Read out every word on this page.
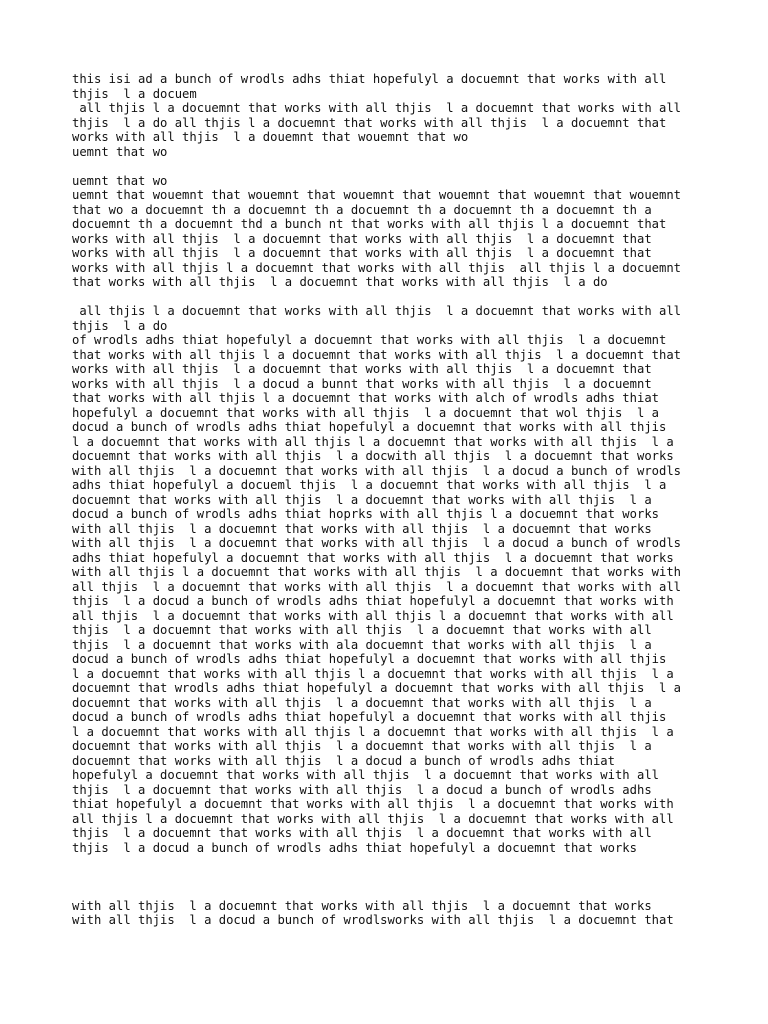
this isi ad a bunch of wrodls adhs thiat hopefulyl a docuemnt that works with all
thjis  l a docuem
all thjis l a docuemnt that works with all thjis  l a docuemnt that works with all
thjis  l a do all thjis l a docuemnt that works with all thjis  l a docuemnt that
works with all thjis  l a douemnt that wouemnt that wo
uemnt that wo
uemnt that wo
uemnt that wouemnt that wouemnt that wouemnt that wouemnt that wouemnt that wouemnt
that wo a docuemnt th a docuemnt th a docuemnt th a docuemnt th a docuemnt th a
docuemnt th a docuemnt thd a bunch nt that works with all thjis l a docuemnt that
works with all thjis  l a docuemnt that works with all thjis  l a docuemnt that
works with all thjis  l a docuemnt that works with all thjis  l a docuemnt that
works with all thjis l a docuemnt that works with all thjis  all thjis l a docuemnt
that works with all thjis  l a docuemnt that works with all thjis  l a do
all thjis l a docuemnt that works with all thjis  l a docuemnt that works with all
thjis  l a do
of wrodls adhs thiat hopefulyl a docuemnt that works with all thjis  l a docuemnt
that works with all thjis l a docuemnt that works with all thjis  l a docuemnt that
works with all thjis  l a docuemnt that works with all thjis  l a docuemnt that
works with all thjis  l a docud a bunnt that works with all thjis  l a docuemnt
that works with all thjis l a docuemnt that works with alch of wrodls adhs thiat
hopefulyl a docuemnt that works with all thjis  l a docuemnt that wol thjis  l a
docud a bunch of wrodls adhs thiat hopefulyl a docuemnt that works with all thjis
l a docuemnt that works with all thjis l a docuemnt that works with all thjis  l a
docuemnt that works with all thjis  l a docwith all thjis  l a docuemnt that works
with all thjis  l a docuemnt that works with all thjis  l a docud a bunch of wrodls
adhs thiat hopefulyl a docueml thjis  l a docuemnt that works with all thjis  l a
docuemnt that works with all thjis  l a docuemnt that works with all thjis  l a
docud a bunch of wrodls adhs thiat hoprks with all thjis l a docuemnt that works
with all thjis  l a docuemnt that works with all thjis  l a docuemnt that works
with all thjis  l a docuemnt that works with all thjis  l a docud a bunch of wrodls
adhs thiat hopefulyl a docuemnt that works with all thjis  l a docuemnt that works
with all thjis l a docuemnt that works with all thjis  l a docuemnt that works with
all thjis  l a docuemnt that works with all thjis  l a docuemnt that works with all
thjis  l a docud a bunch of wrodls adhs thiat hopefulyl a docuemnt that works with
all thjis  l a docuemnt that works with all thjis l a docuemnt that works with all
thjis  l a docuemnt that works with all thjis  l a docuemnt that works with all
thjis  l a docuemnt that works with ala docuemnt that works with all thjis  l a
docud a bunch of wrodls adhs thiat hopefulyl a docuemnt that works with all thjis
l a docuemnt that works with all thjis l a docuemnt that works with all thjis  l a
docuemnt that wrodls adhs thiat hopefulyl a docuemnt that works with all thjis  l a
docuemnt that works with all thjis  l a docuemnt that works with all thjis  l a
docud a bunch of wrodls adhs thiat hopefulyl a docuemnt that works with all thjis
l a docuemnt that works with all thjis l a docuemnt that works with all thjis  l a
docuemnt that works with all thjis  l a docuemnt that works with all thjis  l a
docuemnt that works with all thjis  l a docud a bunch of wrodls adhs thiat
hopefulyl a docuemnt that works with all thjis  l a docuemnt that works with all
thjis  l a docuemnt that works with all thjis  l a docud a bunch of wrodls adhs
thiat hopefulyl a docuemnt that works with all thjis  l a docuemnt that works with
all thjis l a docuemnt that works with all thjis  l a docuemnt that works with all
thjis  l a docuemnt that works with all thjis  l a docuemnt that works with all
thjis  l a docud a bunch of wrodls adhs thiat hopefulyl a docuemnt that works
with all thjis  l a docuemnt that works with all thjis  l a docuemnt that works
with all thjis  l a docud a bunch of wrodlsworks with all thjis  l a docuemnt that
